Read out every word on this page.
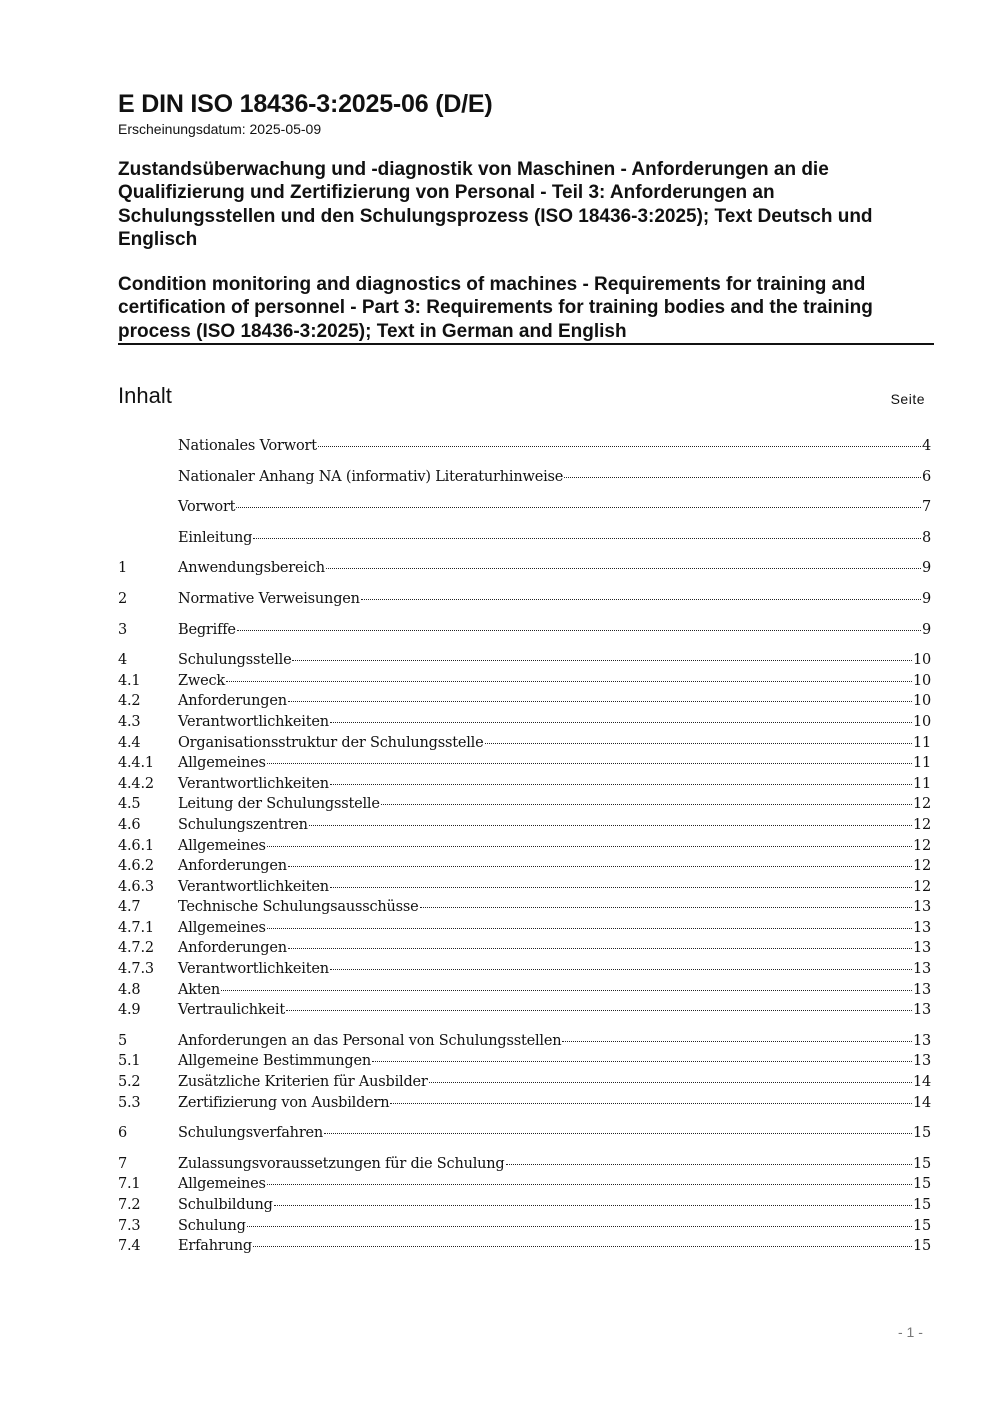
E DIN ISO 18436-3:2025-06 (D/E)
Erscheinungsdatum: 2025-05-09

Zustandsüberwachung und -diagnostik von Maschinen - Anforderungen an die Qualifizierung und Zertifizierung von Personal - Teil 3: Anforderungen an Schulungsstellen und den Schulungsprozess (ISO 18436-3:2025); Text Deutsch und Englisch

Condition monitoring and diagnostics of machines - Requirements for training and certification of personnel - Part 3: Requirements for training bodies and the training process (ISO 18436-3:2025); Text in German and English

Inhalt	Seite
Nationales Vorwort	4
Nationaler Anhang NA (informativ) Literaturhinweise	6
Vorwort	7
Einleitung	8
1	Anwendungsbereich	9
2	Normative Verweisungen	9
3	Begriffe	9
4	Schulungsstelle	10
4.1	Zweck	10
4.2	Anforderungen	10
4.3	Verantwortlichkeiten	10
4.4	Organisationsstruktur der Schulungsstelle	11
4.4.1	Allgemeines	11
4.4.2	Verantwortlichkeiten	11
4.5	Leitung der Schulungsstelle	12
4.6	Schulungszentren	12
4.6.1	Allgemeines	12
4.6.2	Anforderungen	12
4.6.3	Verantwortlichkeiten	12
4.7	Technische Schulungsausschüsse	13
4.7.1	Allgemeines	13
4.7.2	Anforderungen	13
4.7.3	Verantwortlichkeiten	13
4.8	Akten	13
4.9	Vertraulichkeit	13
5	Anforderungen an das Personal von Schulungsstellen	13
5.1	Allgemeine Bestimmungen	13
5.2	Zusätzliche Kriterien für Ausbilder	14
5.3	Zertifizierung von Ausbildern	14
6	Schulungsverfahren	15
7	Zulassungsvoraussetzungen für die Schulung	15
7.1	Allgemeines	15
7.2	Schulbildung	15
7.3	Schulung	15
7.4	Erfahrung	15
- 1 -
